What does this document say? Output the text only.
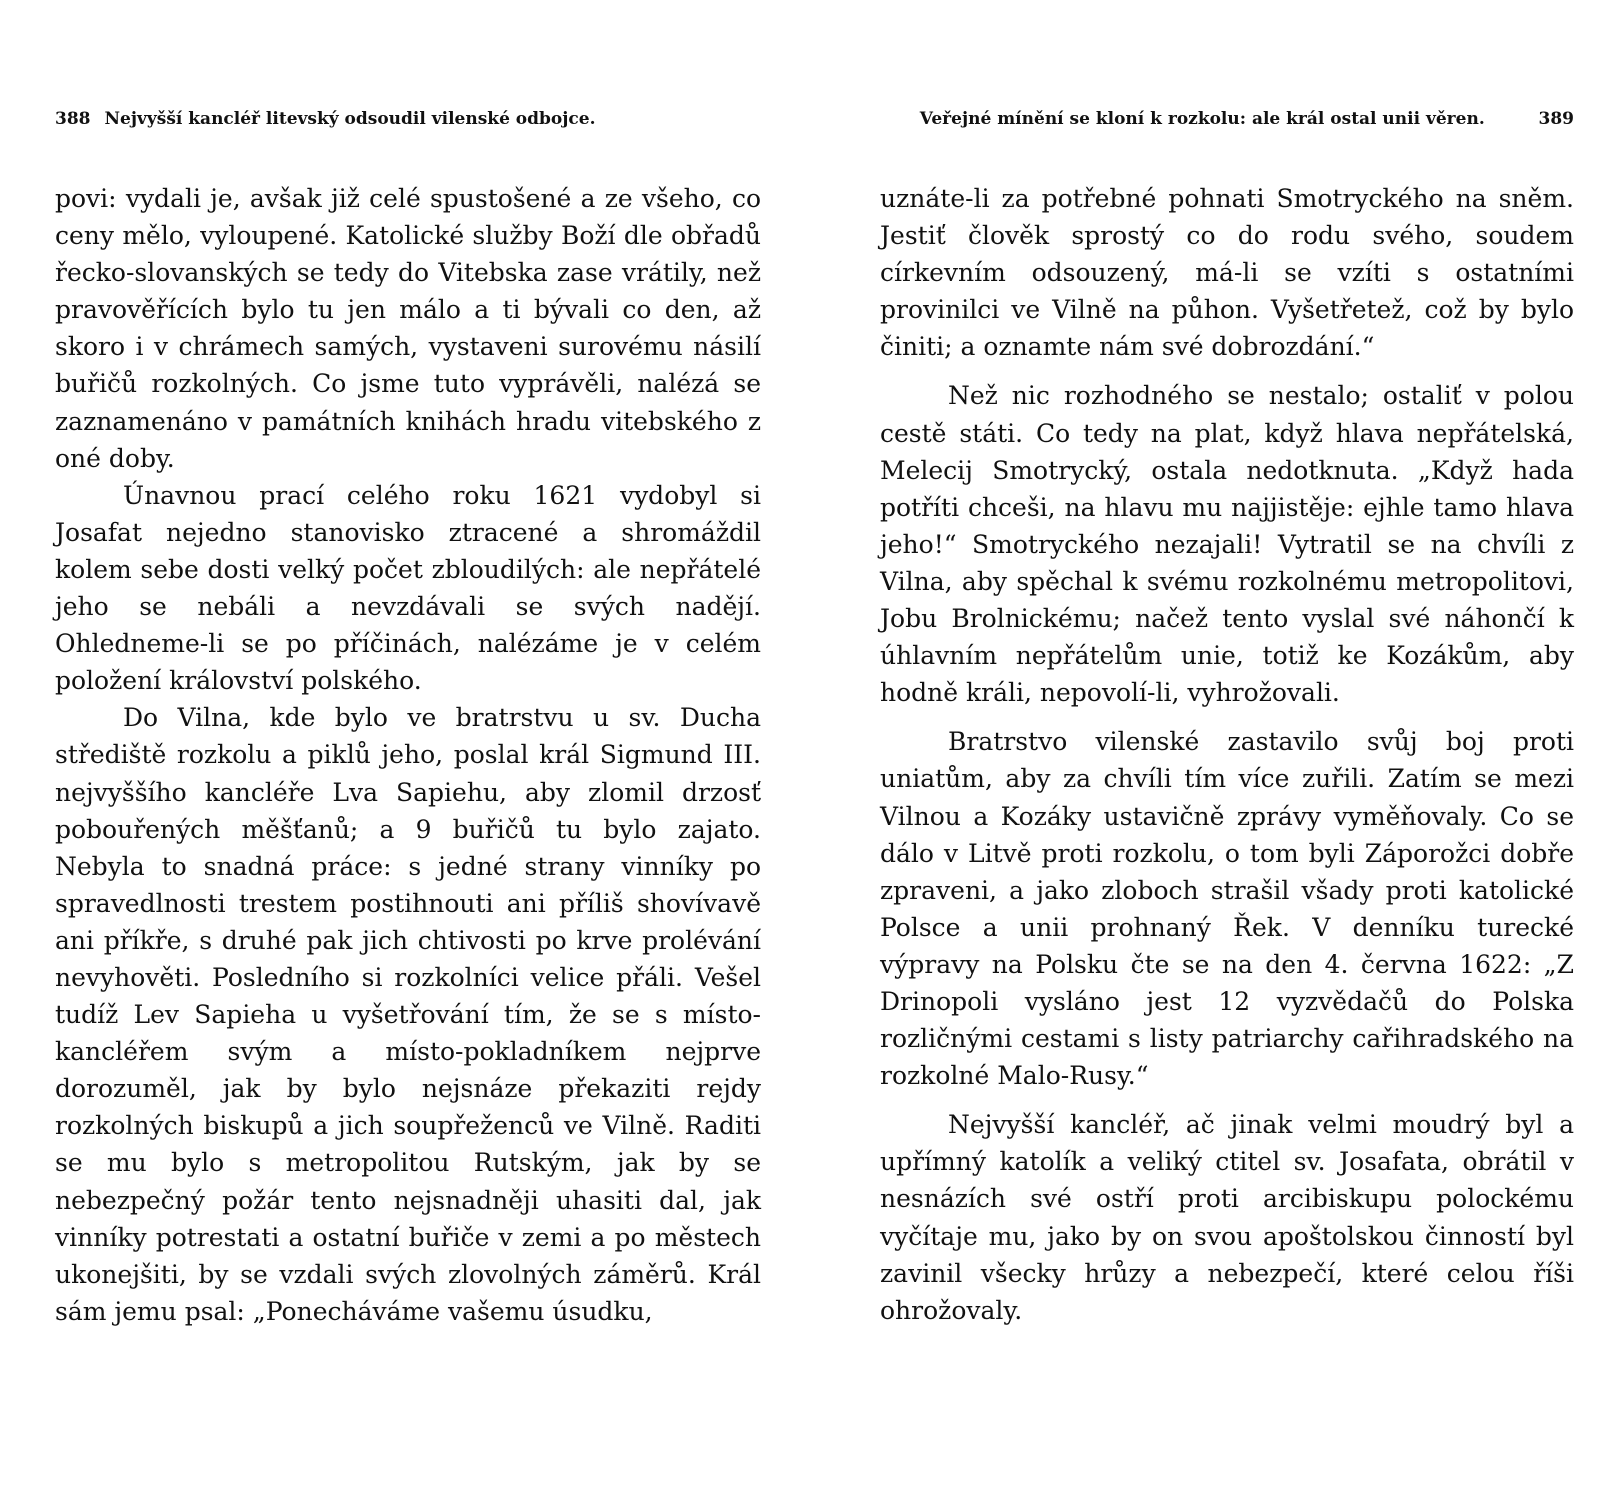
388 Nejvyšší kancléř litevský odsoudil vilenské odbojce.

povi: vydali je, avšak již celé spustošené a ze všeho, co ceny mělo, vyloupené. Katolické služby Boží dle obřadů řecko-slovanských se tedy do Vitebska zase vrátily, než pravověřících bylo tu jen málo a ti bývali co den, až skoro i v chrámech samých, vystaveni surovému násilí buřičů rozkolných. Co jsme tuto vyprávěli, nalézá se zaznamenáno v památních knihách hradu vitebského z oné doby.

Únavnou prací celého roku 1621 vydobyl si Josafat nejedno stanovisko ztracené a shromáždil kolem sebe dosti velký počet zbloudilých: ale nepřátelé jeho se nebáli a nevzdávali se svých nadějí. Ohledneme-li se po příčinách, nalézáme je v celém položení království polského.

Do Vilna, kde bylo ve bratrstvu u sv. Ducha střediště rozkolu a piklů jeho, poslal král Sigmund III. nejvyššího kancléře Lva Sapiehu, aby zlomil drzosť pobouřených měšťanů; a 9 buřičů tu bylo zajato. Nebyla to snadná práce: s jedné strany vinníky po spravedlnosti trestem postihnouti ani příliš shovívavě ani příkře, s druhé pak jich chtivosti po krve prolévání nevyhověti. Posledního si rozkolníci velice přáli. Vešel tudíž Lev Sapieha u vyšetřování tím, že se s místo-kancléřem svým a místo-pokladníkem nejprve dorozuměl, jak by bylo nejsnáze překaziti rejdy rozkolných biskupů a jich soupřeženců ve Vilně. Raditi se mu bylo s metropolitou Rutským, jak by se nebezpečný požár tento nejsnadněji uhasiti dal, jak vinníky potrestati a ostatní buřiče v zemi a po městech ukonejšiti, by se vzdali svých zlovolných záměrů. Král sám jemu psal: „Ponecháváme vašemu úsudku,

Veřejné mínění se kloní k rozkolu: ale král ostal unii věren.	389

uznáte-li za potřebné pohnati Smotryckého na sněm. Jestiť člověk sprostý co do rodu svého, soudem církevním odsouzený, má-li se vzíti s ostatními provinilci ve Vilně na půhon. Vyšetřetež, což by bylo činiti; a oznamte nám své dobrozdání.“

Než nic rozhodného se nestalo; ostaliť v polou cestě státi. Co tedy na plat, když hlava nepřátelská, Melecij Smotrycký, ostala nedotknuta. „Když hada potříti chceši, na hlavu mu najjistěje: ejhle tamo hlava jeho!“ Smotryckého nezajali! Vytratil se na chvíli z Vilna, aby spěchal k svému rozkolnému metropolitovi, Jobu Brolnickému; načež tento vyslal své náhončí k úhlavním nepřátelům unie, totiž ke Kozákům, aby hodně králi, nepovolí-li, vyhrožovali.

Bratrstvo vilenské zastavilo svůj boj proti uniatům, aby za chvíli tím více zuřili. Zatím se mezi Vilnou a Kozáky ustavičně zprávy vyměňovaly. Co se dálo v Litvě proti rozkolu, o tom byli Záporožci dobře zpraveni, a jako zloboch strašil všady proti katolické Polsce a unii prohnaný Řek. V denníku turecké výpravy na Polsku čte se na den 4. června 1622: „Z Drinopoli vysláno jest 12 vyzvědačů do Polska rozličnými cestami s listy patriarchy cařihradského na rozkolné Malo-Rusy.“

Nejvyšší kancléř, ač jinak velmi moudrý byl a upřímný katolík a veliký ctitel sv. Josafata, obrátil v nesnázích své ostří proti arcibiskupu polockému vyčítaje mu, jako by on svou apoštolskou činností byl zavinil všecky hrůzy a nebezpečí, které celou říši ohrožovaly.
